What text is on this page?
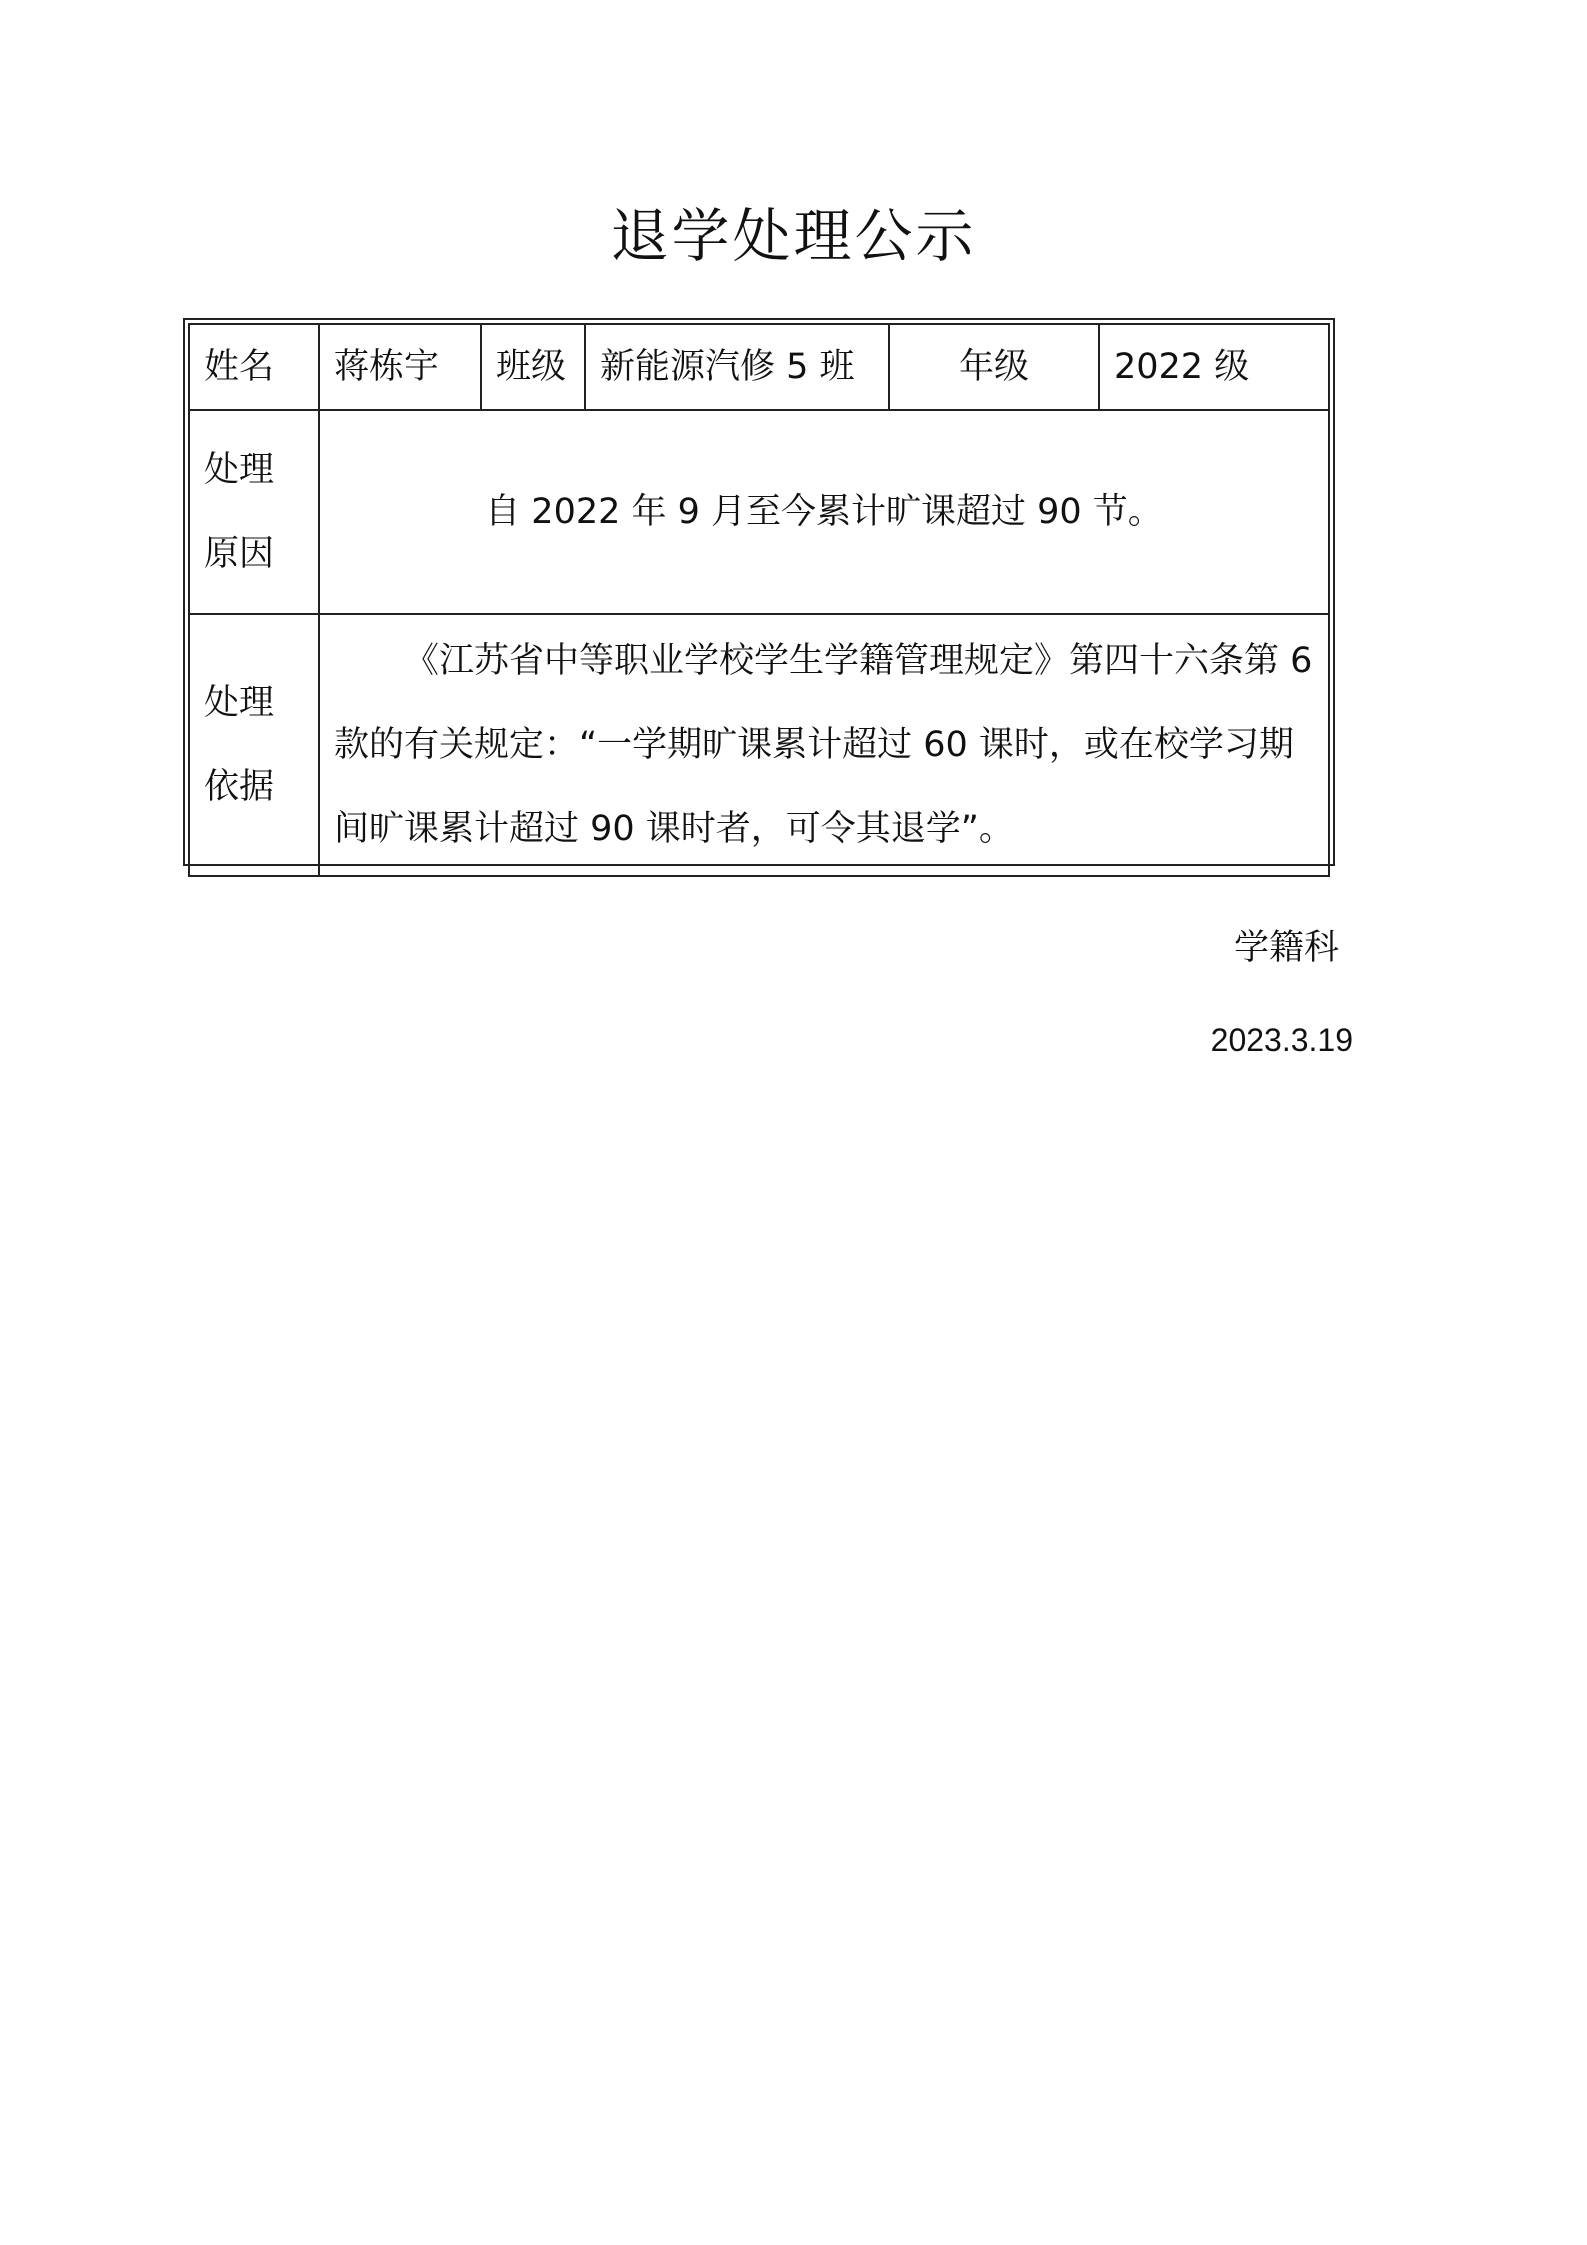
退学处理公示
姓名	蒋栋宇	班级	新能源汽修 5 班	年级	2022 级

处理
原因	自 2022 年 9 月至今累计旷课超过 90 节。				

处理
依据	《江苏省中等职业学校学生学籍管理规定》第四十六条第 6 款的有关规定：“一学期旷课累计超过 60 课时，或在校学习期间旷课累计超过 90 课时者，可令其退学”。				
学籍科
2023.3.19
